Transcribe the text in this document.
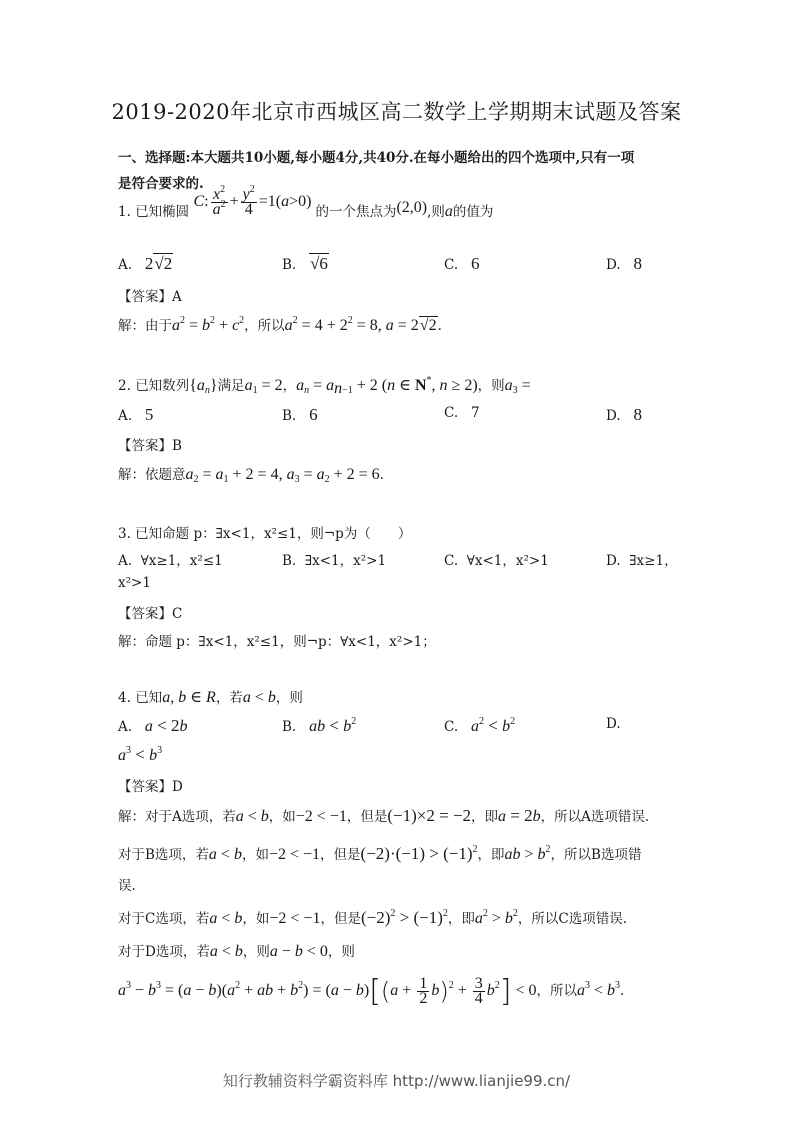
2019-2020年北京市西城区高二数学上学期期末试题及答案
一、选择题:本大题共10小题,每小题4分,共40分.在每小题给出的四个选项中,只有一项
是符合要求的.
1. 已知椭圆 C: $\frac{x^2}{a^2} + \frac{y^2}{4} =1(a>0)$ 的一个焦点为(2,0),则a的值为
A. 2√2	B. √6	C. 6	D. 8
【答案】A
解：由于$a^2 = b^2 + c^2$，所以$a^2 = 4 + 2^2 = 8$, a = 2√2.
2. 已知数列$\{a_n\}$满足$a_1 = 2$，$a_n = a_{n-1} + 2$ (n ∈ N*, n ≥ 2)，则$a_3$ =
A. 5	B. 6	C. 7	D. 8
【答案】B
解：依题意$a_2 = a_1 + 2 = 4$, $a_3 = a_2 + 2 = 6$.
3. 已知命题 p：∃x<1，x²≤1，则¬p为（　　）
A. ∀x≥1，x²≤1	B. ∃x<1，x²>1	C. ∀x<1，x²>1	D. ∃x≥1，
x²>1
【答案】C
解：命题 p：∃x<1，x²≤1，则¬p：∀x<1，x²>1；
4. 已知a, b ∈ R，若a < b，则
A. a < 2b	B. ab < $b^2$	C. $a^2 < b^2$	D.
$a^3 < b^3$
【答案】D
解：对于A选项，若a < b，如−2 < −1，但是(−1)×2 = −2，即a = 2b，所以A选项错误.
对于B选项，若a < b，如−2 < −1，但是$(-2)\cdot(-1) > (-1)^2$，即ab > $b^2$，所以B选项错
误.
对于C选项，若a < b，如−2 < −1，但是$(-2)^2 > (-1)^2$，即$a^2 > b^2$，所以C选项错误.
对于D选项，若a < b，则a − b < 0，则
$a^3 - b^3 = (a - b)(a^2$ + ab + $b^2) = (a - b)[(a + \frac{1}{2} b)^2 + \frac{3}{4} b^2] < 0$，所以$a^3 < b^3$.
知行教辅资料学霸资料库 http://www.lianjie99.cn/
